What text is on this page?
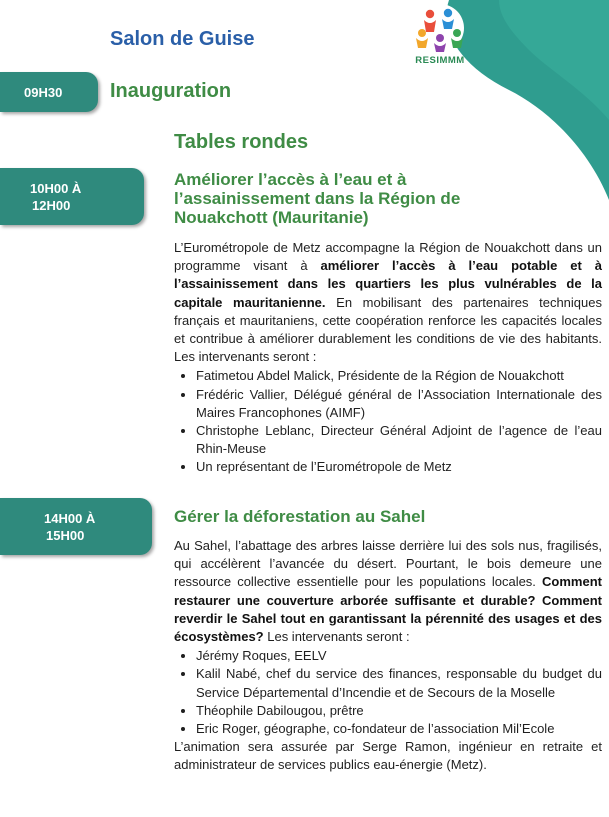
RESIMMM
Salon de Guise
09H30 Inauguration
Tables rondes
10H00 À
12H00
Améliorer l’accès à l’eau et à
l’assainissement dans la Région de
Nouakchott (Mauritanie)

L’Eurométropole de Metz accompagne la Région de Nouakchott dans un programme visant à améliorer l’accès à l’eau potable et à l’assainissement dans les quartiers les plus vulnérables de la capitale mauritanienne. En mobilisant des partenaires techniques français et mauritaniens, cette coopération renforce les capacités locales et contribue à améliorer durablement les conditions de vie des habitants. Les intervenants seront :

• Fatimetou Abdel Malick, Présidente de la Région de Nouakchott
• Frédéric Vallier, Délégué général de l’Association Internationale des Maires Francophones (AIMF)
• Christophe Leblanc, Directeur Général Adjoint de l’agence de l’eau Rhin-Meuse
• Un représentant de l’Eurométropole de Metz
14H00 À
15H00
Gérer la déforestation au Sahel

Au Sahel, l’abattage des arbres laisse derrière lui des sols nus, fragilisés, qui accélèrent l’avancée du désert. Pourtant, le bois demeure une ressource collective essentielle pour les populations locales. Comment restaurer une couverture arborée suffisante et durable? Comment reverdir le Sahel tout en garantissant la pérennité des usages et des écosystèmes? Les intervenants seront :

• Jérémy Roques, EELV
• Kalil Nabé, chef du service des finances, responsable du budget du Service Départemental d’Incendie et de Secours de la Moselle
• Théophile Dabilougou, prêtre
• Eric Roger, géographe, co-fondateur de l’association Mil’Ecole

L’animation sera assurée par Serge Ramon, ingénieur en retraite et administrateur de services publics eau-énergie (Metz).
